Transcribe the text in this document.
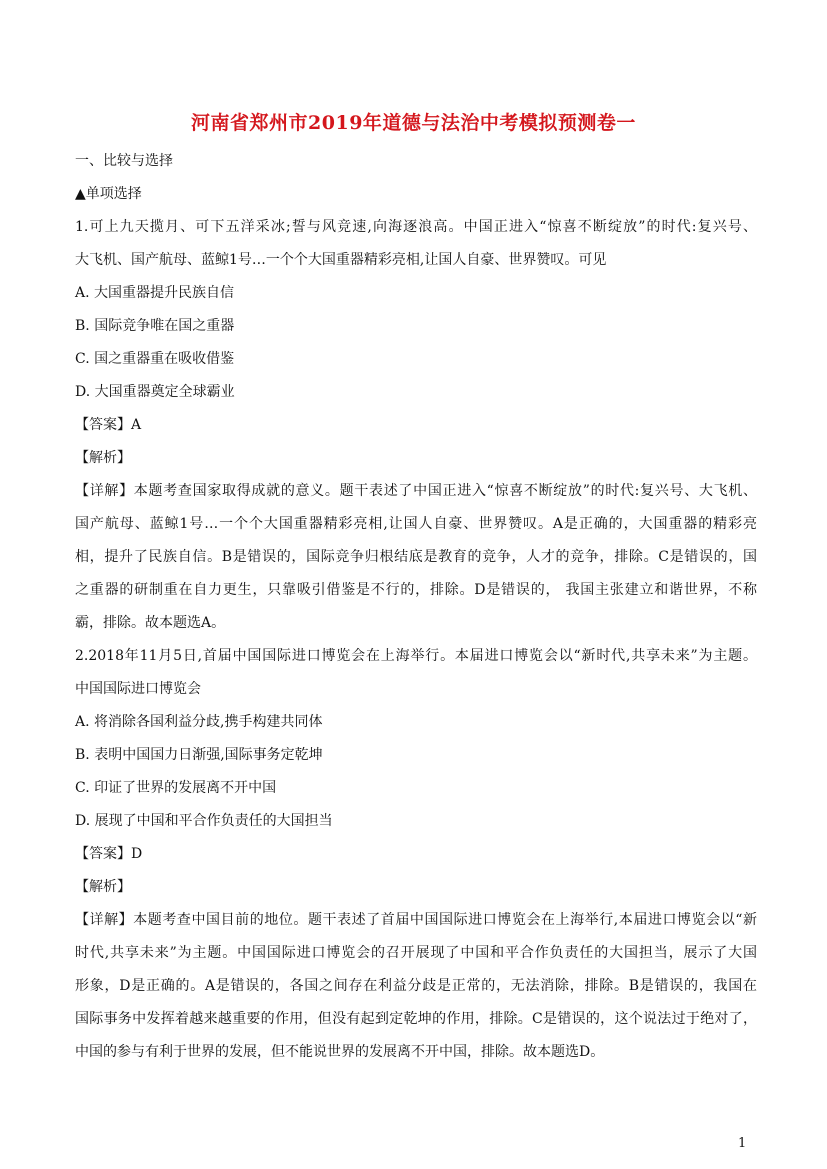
河南省郑州市2019年道德与法治中考模拟预测卷一
一、比较与选择
▲单项选择
1.可上九天揽月、可下五洋采冰;誓与风竞速,向海逐浪高。中国正进入“惊喜不断绽放”的时代:复兴号、
大飞机、国产航母、蓝鲸1号…一个个大国重器精彩亮相,让国人自豪、世界赞叹。可见
A. 大国重器提升民族自信
B. 国际竞争唯在国之重器
C. 国之重器重在吸收借鉴
D. 大国重器奠定全球霸业
【答案】A
【解析】
【详解】本题考查国家取得成就的意义。题干表述了中国正进入“惊喜不断绽放”的时代:复兴号、大飞机、
国产航母、蓝鲸1号…一个个大国重器精彩亮相,让国人自豪、世界赞叹。A是正确的，大国重器的精彩亮
相，提升了民族自信。B是错误的，国际竞争归根结底是教育的竞争，人才的竞争，排除。C是错误的，国
之重器的研制重在自力更生，只靠吸引借鉴是不行的，排除。D是错误的， 我国主张建立和谐世界，不称
霸，排除。故本题选A。
2.2018年11月5日,首届中国国际进口博览会在上海举行。本届进口博览会以“新时代,共享未来”为主题。
中国国际进口博览会
A. 将消除各国利益分歧,携手构建共同体
B. 表明中国国力日渐强,国际事务定乾坤
C. 印证了世界的发展离不开中国
D. 展现了中国和平合作负责任的大国担当
【答案】D
【解析】
【详解】本题考查中国目前的地位。题干表述了首届中国国际进口博览会在上海举行,本届进口博览会以“新
时代,共享未来”为主题。中国国际进口博览会的召开展现了中国和平合作负责任的大国担当，展示了大国
形象，D是正确的。A是错误的，各国之间存在利益分歧是正常的，无法消除，排除。B是错误的，我国在
国际事务中发挥着越来越重要的作用，但没有起到定乾坤的作用，排除。C是错误的，这个说法过于绝对了，
中国的参与有利于世界的发展，但不能说世界的发展离不开中国，排除。故本题选D。
1
